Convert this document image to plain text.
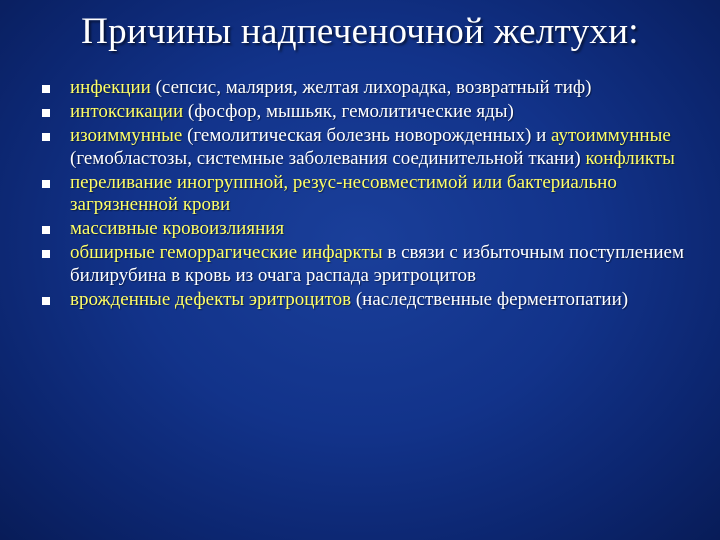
Причины надпеченочной желтухи:
инфекции (сепсис, малярия, желтая лихорадка, возвратный тиф)
интоксикации (фосфор, мышьяк, гемолитические яды)
изоиммунные (гемолитическая болезнь новорожденных) и аутоиммунные (гемобластозы, системные заболевания соединительной ткани) конфликты
переливание иногруппной, резус-несовместимой или бактериально загрязненной крови
массивные кровоизлияния
обширные геморрагические инфаркты в связи с избыточным поступлением билирубина в кровь из очага распада эритроцитов
врожденные дефекты эритроцитов (наследственные ферментопатии)
